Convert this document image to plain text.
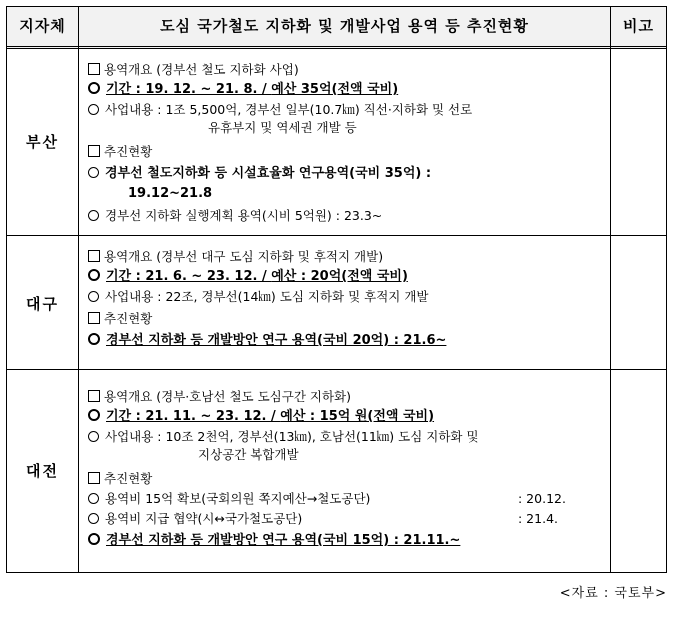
지자체	도심 국가철도 지하화 및 개발사업 용역 등 추진현황	비고
부산
용역개요 (경부선 철도 지하화 사업)
기간 : 19. 12. ~ 21. 8. / 예산 35억(전액 국비)
사업내용 : 1조 5,500억, 경부선 일부(10.7㎞) 직선·지하화 및 선로
유휴부지 및 역세권 개발 등
추진현황
경부선 철도지하화 등 시설효율화 연구용역(국비 35억) :
19.12~21.8
경부선 지하화 실행계획 용역(시비 5억원) : 23.3~
대구
용역개요 (경부선 대구 도심 지하화 및 후적지 개발)
기간 : 21. 6. ~ 23. 12. / 예산 : 20억(전액 국비)
사업내용 : 22조, 경부선(14㎞) 도심 지하화 및 후적지 개발
추진현황
경부선 지하화 등 개발방안 연구 용역(국비 20억) : 21.6~
대전
용역개요 (경부·호남선 철도 도심구간 지하화)
기간 : 21. 11. ~ 23. 12. / 예산 : 15억 원(전액 국비)
사업내용 : 10조 2천억, 경부선(13㎞), 호남선(11㎞) 도심 지하화 및
지상공간 복합개발
추진현황
용역비 15억 확보(국회의원 쪽지예산→철도공단)	: 20.12.
용역비 지급 협약(시↔국가철도공단)	: 21.4.
경부선 지하화 등 개발방안 연구 용역(국비 15억) : 21.11.~
<자료 : 국토부>
